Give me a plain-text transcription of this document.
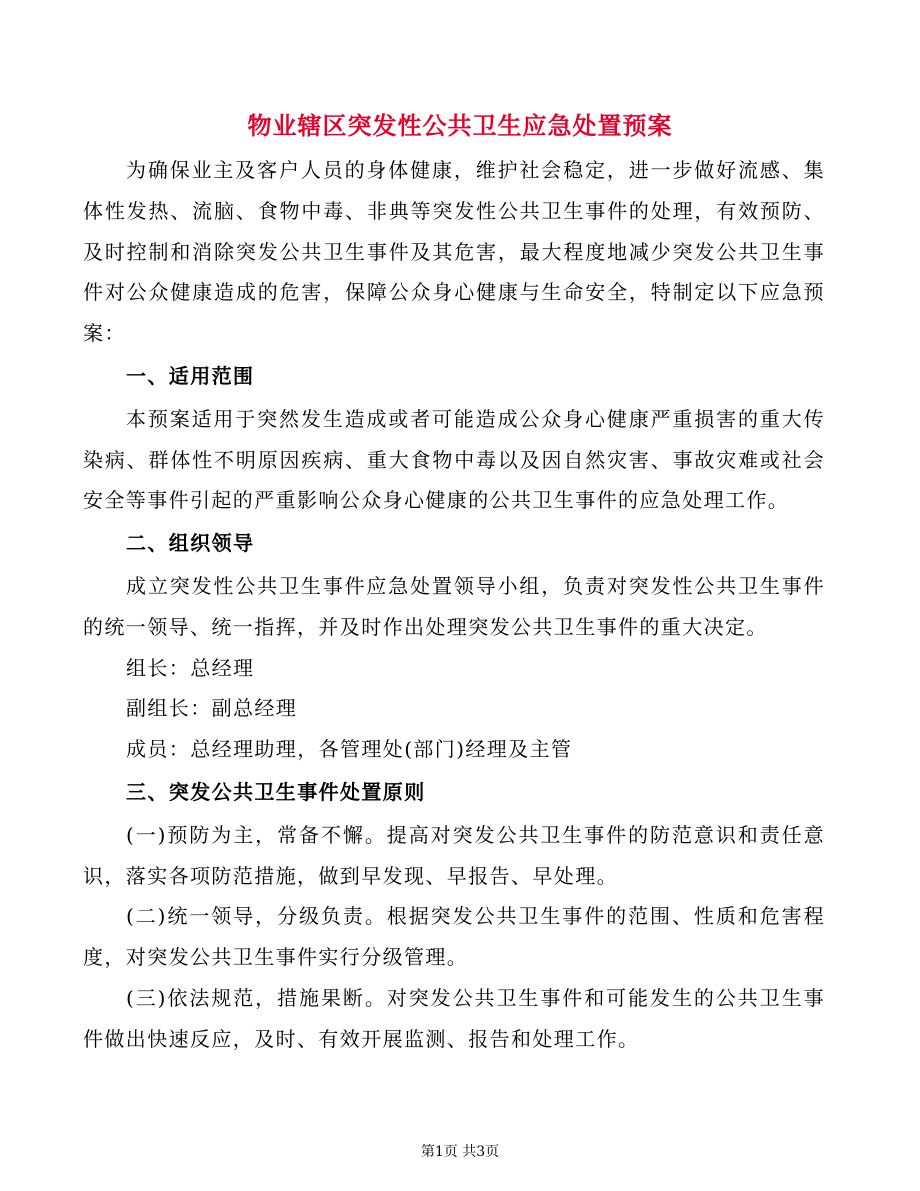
物业辖区突发性公共卫生应急处置预案

为确保业主及客户人员的身体健康，维护社会稳定，进一步做好流感、集体性发热、流脑、食物中毒、非典等突发性公共卫生事件的处理，有效预防、及时控制和消除突发公共卫生事件及其危害，最大程度地减少突发公共卫生事件对公众健康造成的危害，保障公众身心健康与生命安全，特制定以下应急预案：

一、适用范围

本预案适用于突然发生造成或者可能造成公众身心健康严重损害的重大传染病、群体性不明原因疾病、重大食物中毒以及因自然灾害、事故灾难或社会安全等事件引起的严重影响公众身心健康的公共卫生事件的应急处理工作。

二、组织领导

成立突发性公共卫生事件应急处置领导小组，负责对突发性公共卫生事件的统一领导、统一指挥，并及时作出处理突发公共卫生事件的重大决定。

组长：总经理

副组长：副总经理

成员：总经理助理，各管理处(部门)经理及主管

三、突发公共卫生事件处置原则

(一)预防为主，常备不懈。提高对突发公共卫生事件的防范意识和责任意识，落实各项防范措施，做到早发现、早报告、早处理。

(二)统一领导，分级负责。根据突发公共卫生事件的范围、性质和危害程度，对突发公共卫生事件实行分级管理。

(三)依法规范，措施果断。对突发公共卫生事件和可能发生的公共卫生事件做出快速反应，及时、有效开展监测、报告和处理工作。

第1页 共3页
